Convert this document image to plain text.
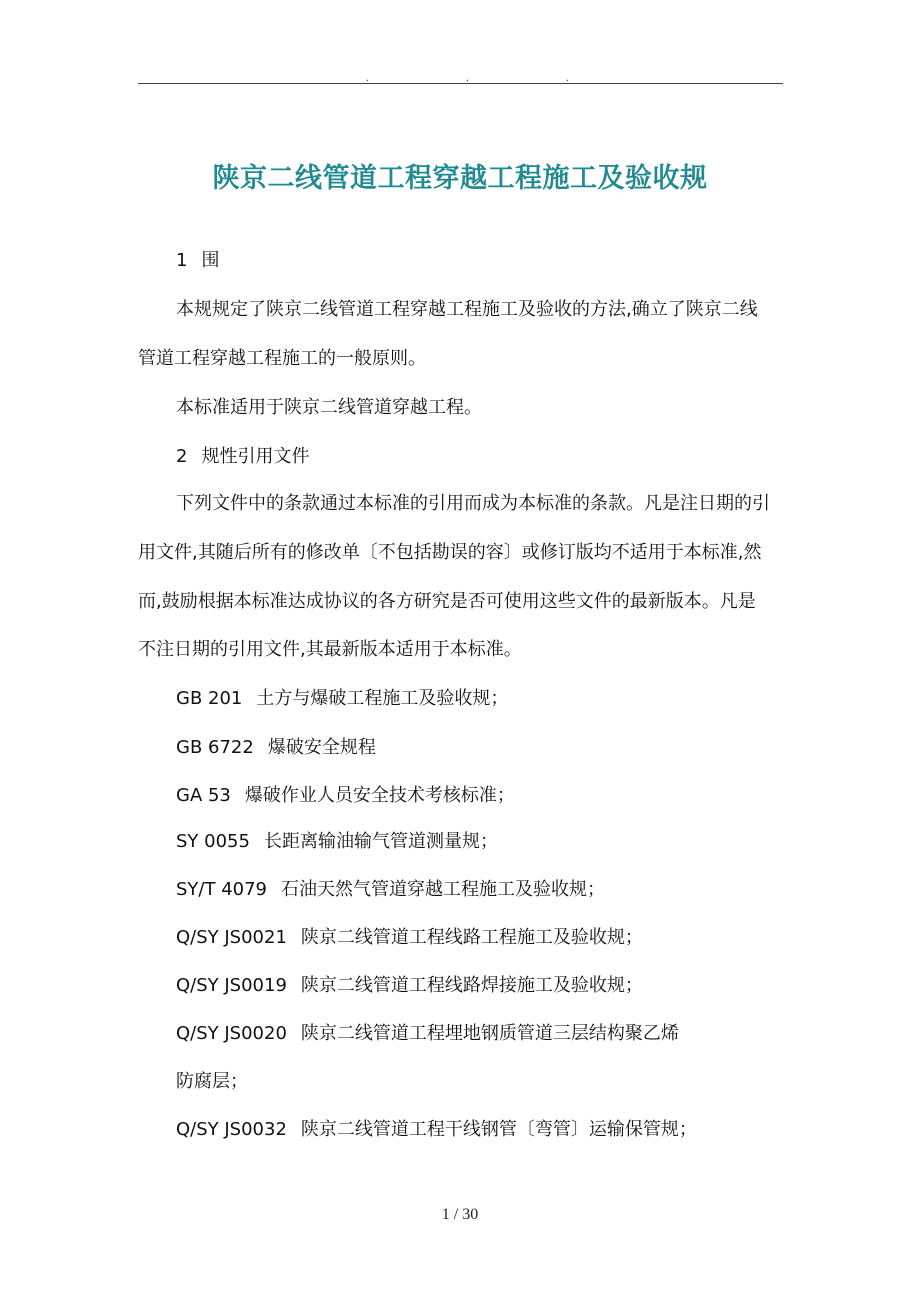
.	.	.
陕京二线管道工程穿越工程施工及验收规
1 围
本规规定了陕京二线管道工程穿越工程施工及验收的方法,确立了陕京二线
管道工程穿越工程施工的一般原则。
本标准适用于陕京二线管道穿越工程。
2 规性引用文件
下列文件中的条款通过本标准的引用而成为本标准的条款。凡是注日期的引
用文件,其随后所有的修改单〔不包括勘误的容〕或修订版均不适用于本标准,然
而,鼓励根据本标准达成协议的各方研究是否可使用这些文件的最新版本。凡是
不注日期的引用文件,其最新版本适用于本标准。
GB 201 土方与爆破工程施工及验收规；
GB 6722 爆破安全规程
GA 53 爆破作业人员安全技术考核标准；
SY 0055 长距离输油输气管道测量规；
SY/T 4079 石油天然气管道穿越工程施工及验收规；
Q/SY JS0021 陕京二线管道工程线路工程施工及验收规；
Q/SY JS0019 陕京二线管道工程线路焊接施工及验收规；
Q/SY JS0020 陕京二线管道工程埋地钢质管道三层结构聚乙烯
防腐层；
Q/SY JS0032 陕京二线管道工程干线钢管〔弯管〕运输保管规；
1 / 30
